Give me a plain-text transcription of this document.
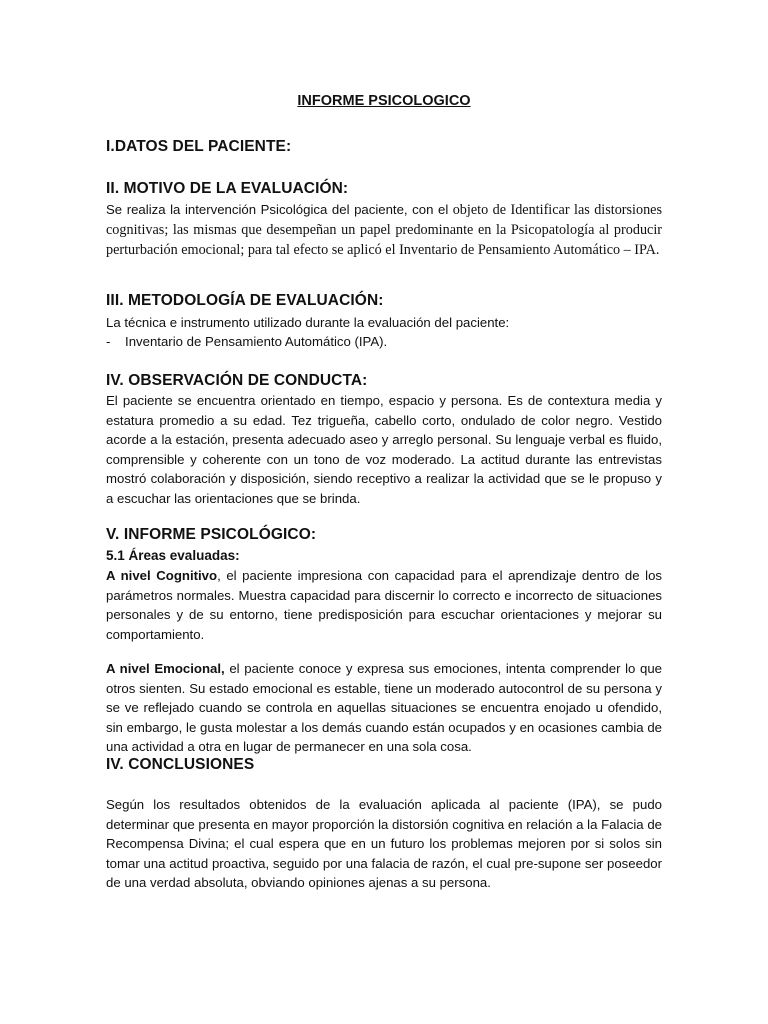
INFORME PSICOLOGICO
I.DATOS DEL PACIENTE:
II. MOTIVO DE LA EVALUACIÓN:
Se realiza la intervención Psicológica del paciente, con el objeto de Identificar las distorsiones cognitivas; las mismas que desempeñan un papel predominante en la Psicopatología al producir perturbación emocional; para tal efecto se aplicó el Inventario de Pensamiento Automático – IPA.
III. METODOLOGÍA DE EVALUACIÓN:
La técnica e instrumento utilizado durante la evaluación del paciente:
-    Inventario de Pensamiento Automático (IPA).
IV. OBSERVACIÓN DE CONDUCTA:
El paciente se encuentra orientado en tiempo, espacio y persona. Es de contextura media y estatura promedio a su edad. Tez trigueña, cabello corto, ondulado de color negro. Vestido acorde a la estación, presenta adecuado aseo y arreglo personal. Su lenguaje verbal es fluido, comprensible y coherente con un tono de voz moderado. La actitud durante las entrevistas mostró colaboración y disposición, siendo receptivo a realizar la actividad que se le propuso y a escuchar las orientaciones que se brinda.
V. INFORME PSICOLÓGICO:
5.1 Áreas evaluadas:
A nivel Cognitivo, el paciente impresiona con capacidad para el aprendizaje dentro de los parámetros normales. Muestra capacidad para discernir lo correcto e incorrecto de situaciones personales y de su entorno, tiene predisposición para escuchar orientaciones y mejorar su comportamiento.
A nivel Emocional, el paciente conoce y expresa sus emociones, intenta comprender lo que otros sienten. Su estado emocional es estable, tiene un moderado autocontrol de su persona y se ve reflejado cuando se controla en aquellas situaciones se encuentra enojado u ofendido, sin embargo, le gusta molestar a los demás cuando están ocupados y en ocasiones cambia de una actividad a otra en lugar de permanecer en una sola cosa.
IV. CONCLUSIONES
Según los resultados obtenidos de la evaluación aplicada al paciente (IPA), se pudo determinar que presenta en mayor proporción la distorsión cognitiva en relación a la Falacia de Recompensa Divina; el cual espera que en un futuro los problemas mejoren por si solos sin tomar una actitud proactiva, seguido por una falacia de razón, el cual pre-supone ser poseedor de una verdad absoluta, obviando opiniones ajenas a su persona.
